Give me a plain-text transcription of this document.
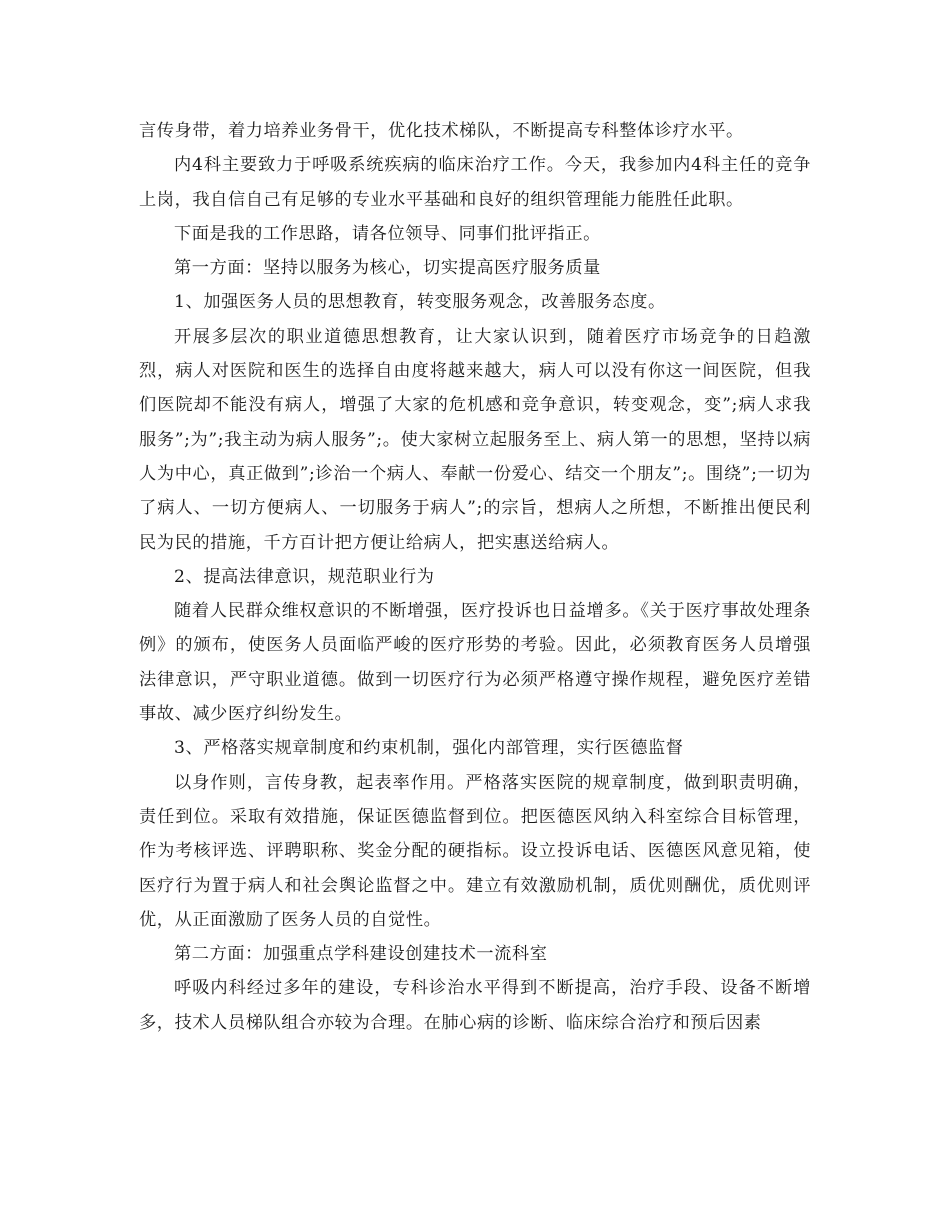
言传身带，着力培养业务骨干，优化技术梯队，不断提高专科整体诊疗水平。

内4科主要致力于呼吸系统疾病的临床治疗工作。今天，我参加内4科主任的竞争上岗，我自信自己有足够的专业水平基础和良好的组织管理能力能胜任此职。

下面是我的工作思路，请各位领导、同事们批评指正。

第一方面：坚持以服务为核心，切实提高医疗服务质量

1、加强医务人员的思想教育，转变服务观念，改善服务态度。

开展多层次的职业道德思想教育，让大家认识到，随着医疗市场竞争的日趋激烈，病人对医院和医生的选择自由度将越来越大，病人可以没有你这一间医院，但我们医院却不能没有病人，增强了大家的危机感和竞争意识，转变观念，变”;病人求我服务”;为”;我主动为病人服务”;。使大家树立起服务至上、病人第一的思想，坚持以病人为中心，真正做到”;诊治一个病人、奉献一份爱心、结交一个朋友”;。围绕”;一切为了病人、一切方便病人、一切服务于病人”;的宗旨，想病人之所想，不断推出便民利民为民的措施，千方百计把方便让给病人，把实惠送给病人。

2、提高法律意识，规范职业行为

随着人民群众维权意识的不断增强，医疗投诉也日益增多。《关于医疗事故处理条例》的颁布，使医务人员面临严峻的医疗形势的考验。因此，必须教育医务人员增强法律意识，严守职业道德。做到一切医疗行为必须严格遵守操作规程，避免医疗差错事故、减少医疗纠纷发生。

3、严格落实规章制度和约束机制，强化内部管理，实行医德监督

以身作则，言传身教，起表率作用。严格落实医院的规章制度，做到职责明确，责任到位。采取有效措施，保证医德监督到位。把医德医风纳入科室综合目标管理，作为考核评选、评聘职称、奖金分配的硬指标。设立投诉电话、医德医风意见箱，使医疗行为置于病人和社会舆论监督之中。建立有效激励机制，质优则酬优，质优则评优，从正面激励了医务人员的自觉性。

第二方面：加强重点学科建设创建技术一流科室

呼吸内科经过多年的建设，专科诊治水平得到不断提高，治疗手段、设备不断增多，技术人员梯队组合亦较为合理。在肺心病的诊断、临床综合治疗和预后因素
